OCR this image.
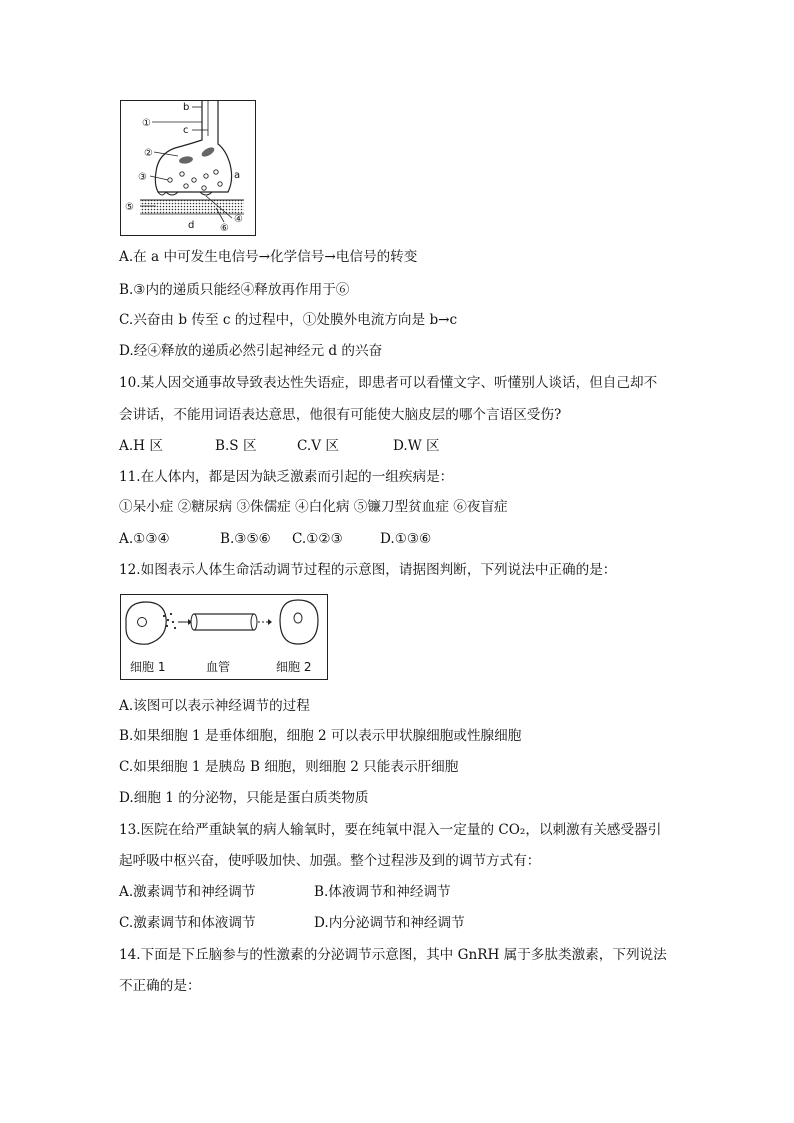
b
c
①
②
③	a
⑤
④
⑥
d
A.在 a 中可发生电信号→化学信号→电信号的转变
B.③内的递质只能经④释放再作用于⑥
C.兴奋由 b 传至 c 的过程中，①处膜外电流方向是 b→c
D.经④释放的递质必然引起神经元 d 的兴奋
10.某人因交通事故导致表达性失语症，即患者可以看懂文字、听懂别人谈话，但自己却不
会讲话，不能用词语表达意思，他很有可能使大脑皮层的哪个言语区受伤?
A.H 区	B.S 区	C.V 区	D.W 区
11.在人体内，都是因为缺乏激素而引起的一组疾病是：
①呆小症 ②糖尿病 ③侏儒症 ④白化病 ⑤镰刀型贫血症 ⑥夜盲症
A.①③④	B.③⑤⑥ C.①②③	D.①③⑥
12.如图表示人体生命活动调节过程的示意图，请据图判断，下列说法中正确的是：
细胞 1	血管	细胞 2
A.该图可以表示神经调节的过程
B.如果细胞 1 是垂体细胞，细胞 2 可以表示甲状腺细胞或性腺细胞
C.如果细胞 1 是胰岛 B 细胞，则细胞 2 只能表示肝细胞
D.细胞 1 的分泌物，只能是蛋白质类物质
13.医院在给严重缺氧的病人输氧时，要在纯氧中混入一定量的 CO₂，以刺激有关感受器引
起呼吸中枢兴奋，使呼吸加快、加强。整个过程涉及到的调节方式有：
A.激素调节和神经调节	B.体液调节和神经调节
C.激素调节和体液调节	D.内分泌调节和神经调节
14.下面是下丘脑参与的性激素的分泌调节示意图，其中 GnRH 属于多肽类激素，下列说法
不正确的是：
